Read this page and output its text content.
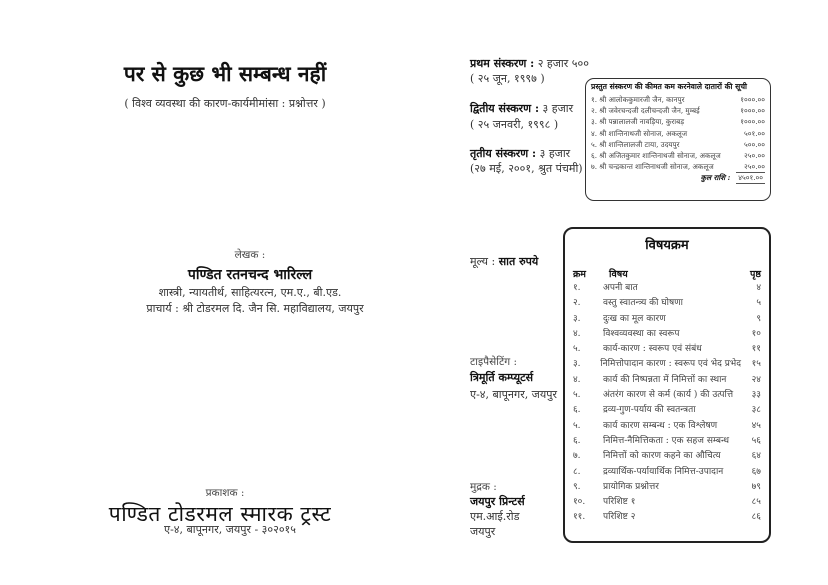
पर से कुछ भी सम्बन्ध नहीं
( विश्व व्यवस्था की कारण-कार्यमीमांसा : प्रश्नोत्तर )
लेखक :
पण्डित रतनचन्द भारिल्ल
शास्त्री, न्यायतीर्थ, साहित्यरत्न, एम.ए., बी.एड.
प्राचार्य : श्री टोडरमल दि. जैन सि. महाविद्यालय, जयपुर
प्रकाशक :
पण्डित टोडरमल स्मारक ट्रस्ट
ए-४, बापूनगर, जयपुर - ३०२०१५
प्रथम संस्करण : २ हजार ५००
( २५ जून, १९९७ )
द्वितीय संस्करण : ३ हजार
( २५ जनवरी, १९९८ )
तृतीय संस्करण : ३ हजार
(२७ मई, २००१, श्रुत पंचमी)
प्रस्तुत संस्करण की कीमत कम करनेवाले दातारों की सूची
१. श्री आलोककुमारजी जैन, कानपुर	१०००.००
२. श्री जवेरचन्दजी दलीचन्दजी जैन, मुम्बई	१०००.००
३. श्री पन्नालालजी नावड़िया, कुराबड़	१०००.००
४. श्री शान्तिनाथजी सोनाज, अकलूज	५०१.००
५. श्री शान्तिलालजी टाया, उदयपुर	५००.००
६. श्री अजितकुमार शान्तिनाथजी सोनाज, अकलूज	२५०.००
७. श्री चन्द्रकान्त शान्तिनाथजी सोनाज, अकलूज	२५०.००
कुल राशि : ४५०१.००
मूल्य : सात रुपये
टाइपैसेटिंग :
त्रिमूर्ति कम्प्यूटर्स
ए-४, बापूनगर, जयपुर
मुद्रक :
जयपुर प्रिन्टर्स
एम.आई.रोड
जयपुर
विषयक्रम
क्रम	विषय	पृष्ठ
१.	अपनी बात	४
२.	वस्तु स्वातन्त्र्य की घोषणा	५
३.	दुःख का मूल कारण	९
४.	विश्वव्यवस्था का स्वरूप	१०
५.	कार्य-कारण : स्वरूप एवं संबंध	११
३.	निमित्तोपादान कारण : स्वरूप एवं भेद प्रभेद	१५
४.	कार्य की निष्पन्नता में निमित्तों का स्थान	२४
५.	अंतरंग कारण से कर्म (कार्य ) की उत्पत्ति	३३
६.	द्रव्य-गुण-पर्याय की स्वतन्त्रता	३८
५.	कार्य कारण सम्बन्ध : एक विश्लेषण	४५
६.	निमित्त-नैमित्तिकता : एक सहज सम्बन्ध	५६
७.	निमित्तों को कारण कहने का औचित्य	६४
८.	द्रव्यार्थिक-पर्यायार्थिक निमित्त-उपादान	६७
९.	प्रायोगिक प्रश्नोत्तर	७९
१०.	परिशिष्ट १	८५
११.	परिशिष्ट २	८६
